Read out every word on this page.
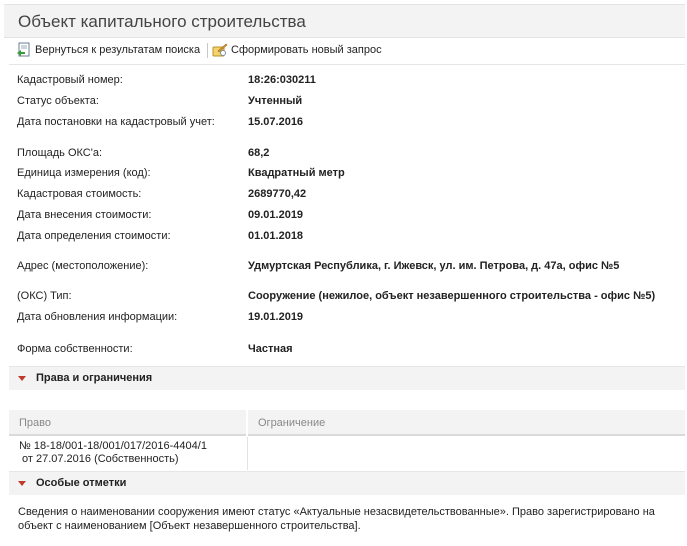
Объект капитального строительства
Вернуться к результатам поиска	Сформировать новый запрос
Кадастровый номер:	18:26:030211
Статус объекта:	Учтенный
Дата постановки на кадастровый учет:	15.07.2016
Площадь ОКС'а:	68,2
Единица измерения (код):	Квадратный метр
Кадастровая стоимость:	2689770,42
Дата внесения стоимости:	09.01.2019
Дата определения стоимости:	01.01.2018
Адрес (местоположение):	Удмуртская Республика, г. Ижевск, ул. им. Петрова, д. 47а, офис №5
(ОКС) Тип:	Сооружение (нежилое, объект незавершенного строительства - офис №5)
Дата обновления информации:	19.01.2019
Форма собственности:	Частная
Права и ограничения
Право	Ограничение
№ 18-18/001-18/001/017/2016-4404/1
от 27.07.2016 (Собственность)
Особые отметки
Сведения о наименовании сооружения имеют статус «Актуальные незасвидетельствованные». Право зарегистрировано на объект с наименованием [Объект незавершенного строительства].
